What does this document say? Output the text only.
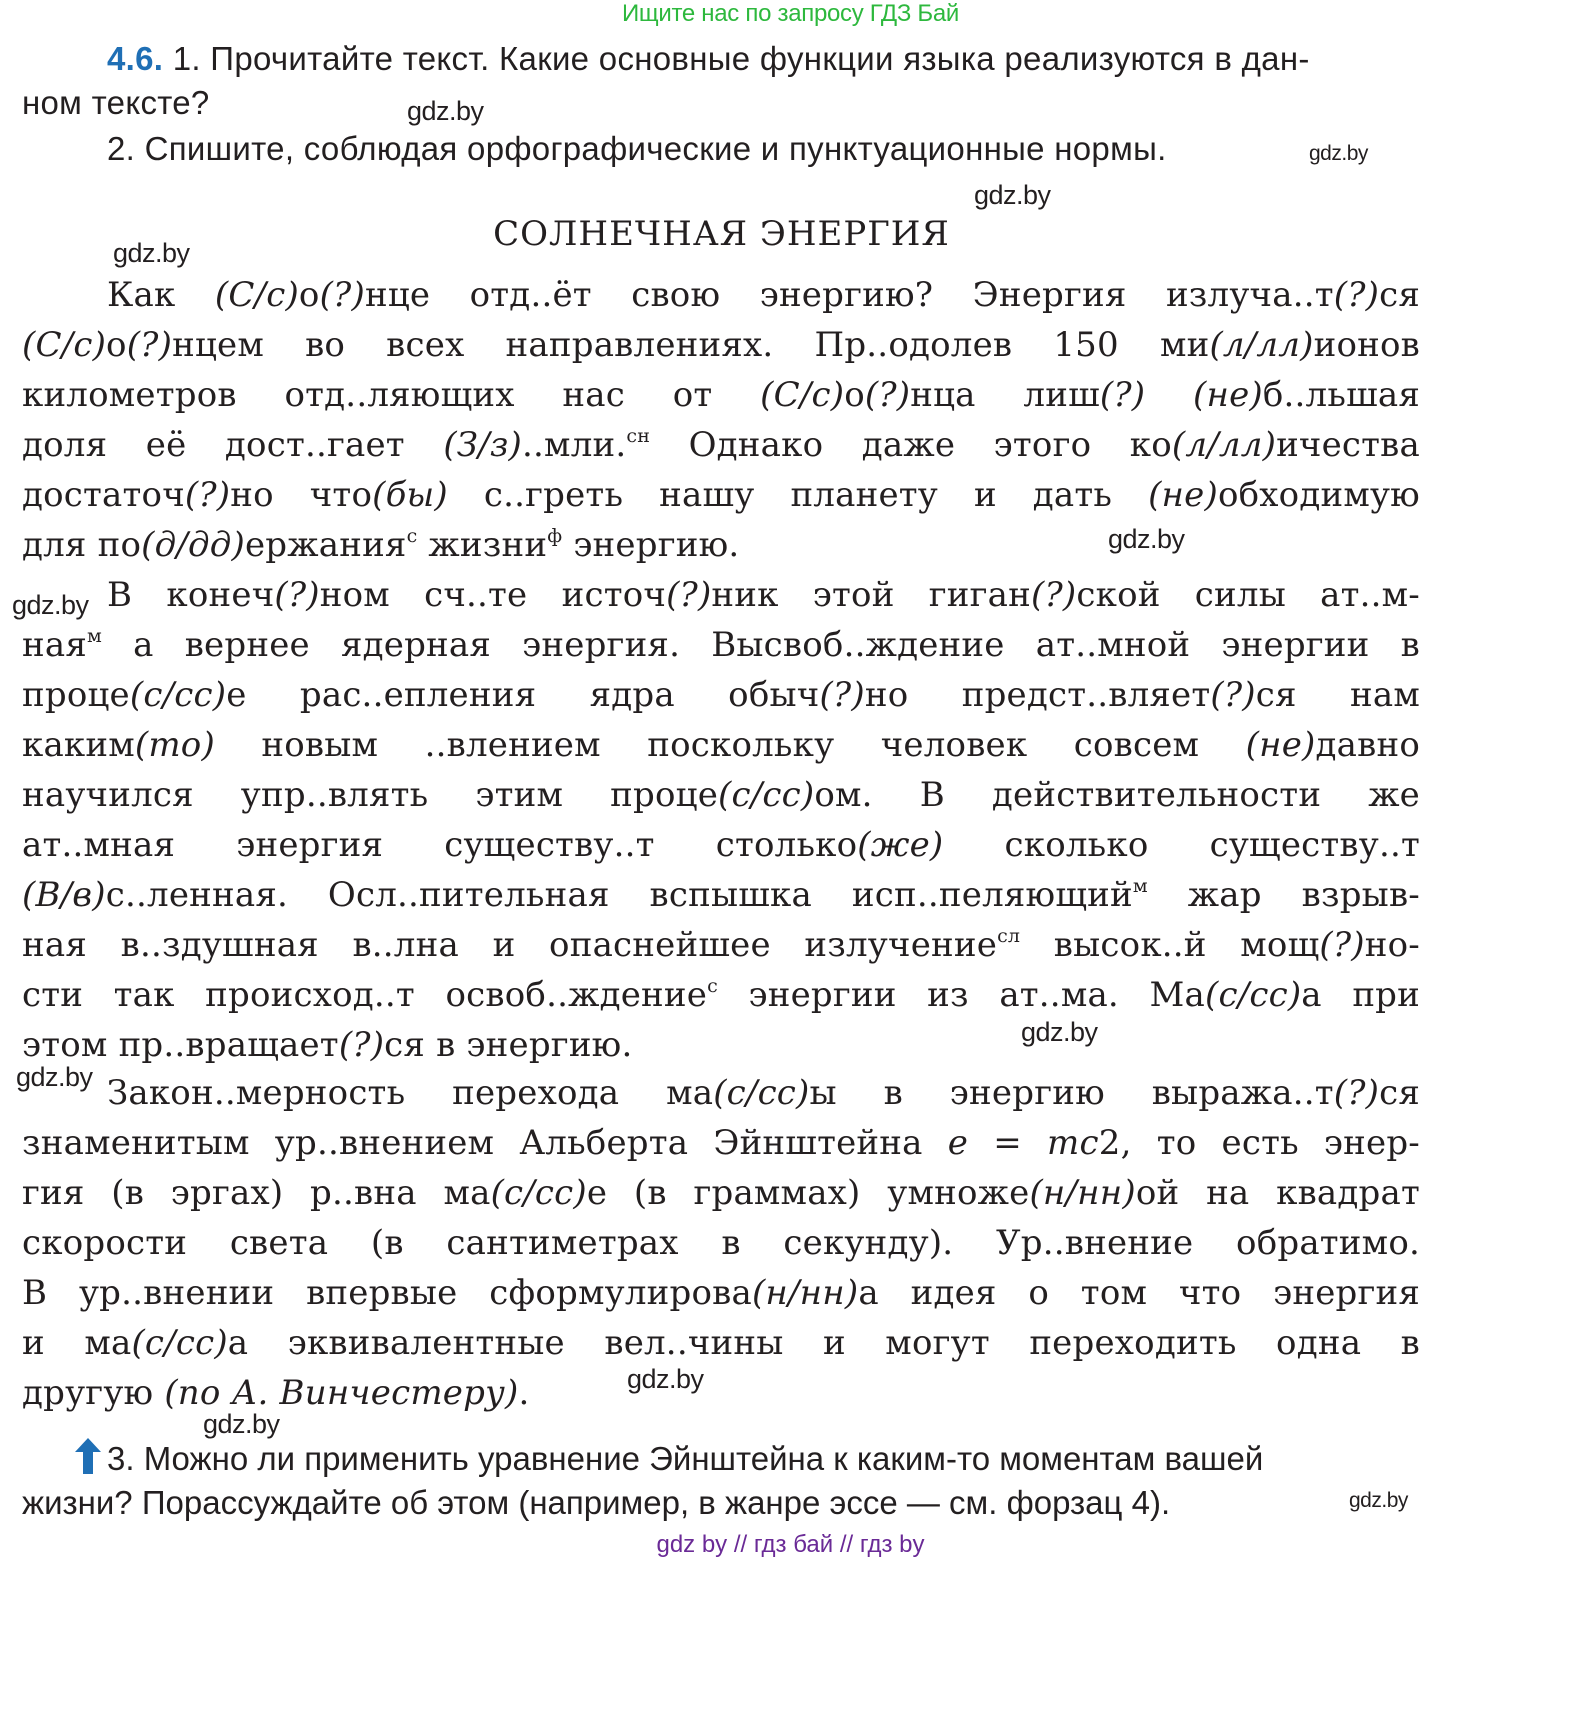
Ищите нас по запросу ГДЗ Бай
4.6. 1. Прочитайте текст. Какие основные функции языка реализуются в дан-
ном тексте?
2. Спишите, соблюдая орфографические и пунктуационные нормы.
gdz.by
gdz.by
gdz.by
gdz.by
gdz.by
gdz.by
gdz.by
gdz.by
gdz.by
gdz.by
gdz.by
СОЛНЕЧНАЯ ЭНЕРГИЯ
Как (С/с)о(?)нце отд..ёт свою энергию? Энергия излуча..т(?)ся
(С/с)о(?)нцем во всех направлениях. Пр..одолев 150 ми(л/лл)ионов
километров отд..ляющих нас от (С/с)о(?)нца лиш(?) (не)б..льшая
доля её дост..гает (З/з)..мли.$^{сн}$ Однако даже этого ко(л/лл)ичества
достаточ(?)но что(бы) с..греть нашу планету и дать (не)обходимую
для по(д/дд)ержания$^с$ жизни$^ф$ энергию.
В конеч(?)ном сч..те источ(?)ник этой гиган(?)ской силы ат..м-
ная$^м$ а вернее ядерная энергия. Высвоб..ждение ат..мной энергии в
проце(с/сс)е рас..епления ядра обыч(?)но предст..вляет(?)ся нам
каким(то) новым ..влением поскольку человек совсем (не)давно
научился упр..влять этим проце(с/сс)ом. В действительности же
ат..мная энергия существу..т столько(же) сколько существу..т
(В/в)с..ленная. Осл..пительная вспышка исп..пеляющий$^м$ жар взрыв-
ная в..здушная в..лна и опаснейшее излучение$^{сл}$ высок..й мощ(?)но-
сти так происход..т освоб..ждение$^с$ энергии из ат..ма. Ма(с/сс)а при
этом пр..вращает(?)ся в энергию.
Закон..мерность перехода ма(с/сс)ы в энергию выража..т(?)ся
знаменитым ур..внением Альберта Эйнштейна e = mc2, то есть энер-
гия (в эргах) р..вна ма(с/сс)е (в граммах) умноже(н/нн)ой на квадрат
скорости света (в сантиметрах в секунду). Ур..внение обратимо.
В ур..внении впервые сформулирова(н/нн)а идея о том что энергия
и ма(с/сс)а эквивалентные вел..чины и могут переходить одна в
другую (по А. Винчестеру).
3. Можно ли применить уравнение Эйнштейна к каким-то моментам вашей
жизни? Порассуждайте об этом (например, в жанре эссе — см. форзац 4).
gdz by // гдз бай // гдз by
